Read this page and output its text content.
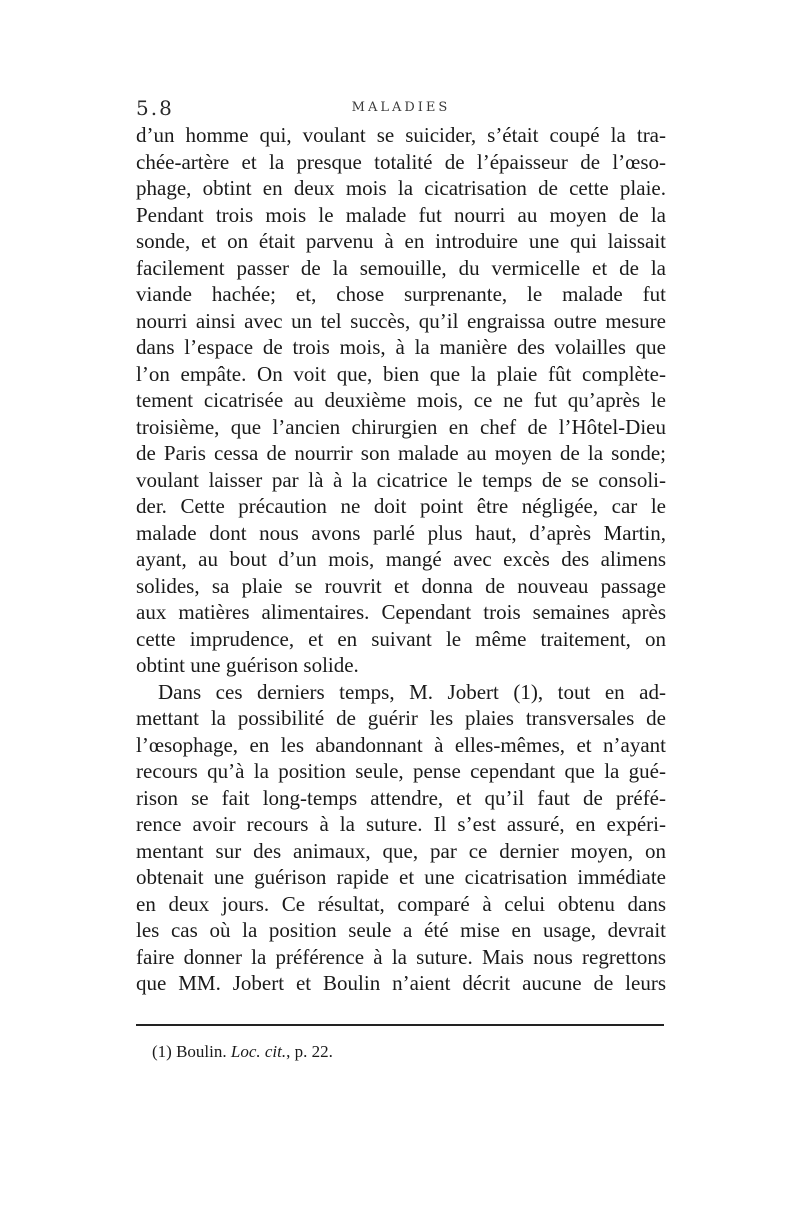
5.8	MALADIES
d’un homme qui, voulant se suicider, s’était coupé la tra-
chée-artère et la presque totalité de l’épaisseur de l’œso-
phage, obtint en deux mois la cicatrisation de cette plaie.
Pendant trois mois le malade fut nourri au moyen de la
sonde, et on était parvenu à en introduire une qui laissait
facilement passer de la semouille, du vermicelle et de la
viande hachée; et, chose surprenante, le malade fut
nourri ainsi avec un tel succès, qu’il engraissa outre mesure
dans l’espace de trois mois, à la manière des volailles que
l’on empâte. On voit que, bien que la plaie fût complète-
tement cicatrisée au deuxième mois, ce ne fut qu’après le
troisième, que l’ancien chirurgien en chef de l’Hôtel-Dieu
de Paris cessa de nourrir son malade au moyen de la sonde;
voulant laisser par là à la cicatrice le temps de se consoli-
der. Cette précaution ne doit point être négligée, car le
malade dont nous avons parlé plus haut, d’après Martin,
ayant, au bout d’un mois, mangé avec excès des alimens
solides, sa plaie se rouvrit et donna de nouveau passage
aux matières alimentaires. Cependant trois semaines après
cette imprudence, et en suivant le même traitement, on
obtint une guérison solide.
Dans ces derniers temps, M. Jobert (1), tout en ad-
mettant la possibilité de guérir les plaies transversales de
l’œsophage, en les abandonnant à elles-mêmes, et n’ayant
recours qu’à la position seule, pense cependant que la gué-
rison se fait long-temps attendre, et qu’il faut de préfé-
rence avoir recours à la suture. Il s’est assuré, en expéri-
mentant sur des animaux, que, par ce dernier moyen, on
obtenait une guérison rapide et une cicatrisation immédiate
en deux jours. Ce résultat, comparé à celui obtenu dans
les cas où la position seule a été mise en usage, devrait
faire donner la préférence à la suture. Mais nous regrettons
que MM. Jobert et Boulin n’aient décrit aucune de leurs
(1) Boulin. Loc. cit., p. 22.
